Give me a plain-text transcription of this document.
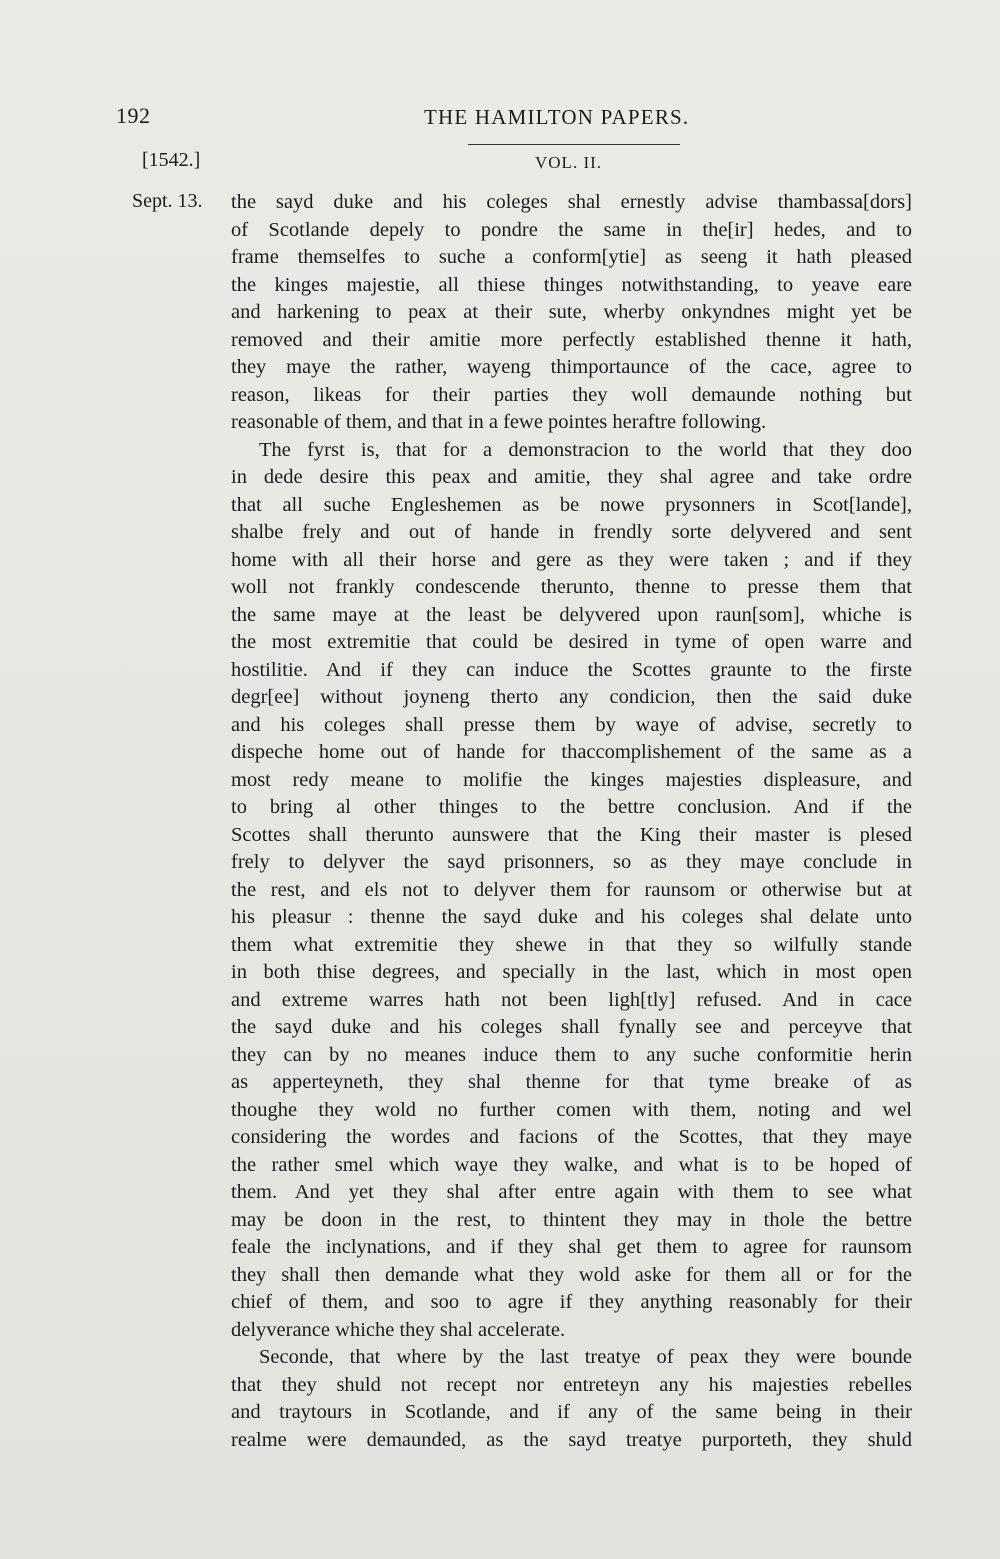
192	THE HAMILTON PAPERS.
[1542.]	VOL. II.
Sept. 13. the sayd duke and his coleges shal ernestly advise thambassa[dors]
of Scotlande depely to pondre the same in the[ir] hedes, and to
frame themselfes to suche a conform[ytie] as seeng it hath pleased
the kinges majestie, all thiese thinges notwithstanding, to yeave eare
and harkening to peax at their sute, wherby onkyndnes might yet be
removed and their amitie more perfectly established thenne it hath,
they maye the rather, wayeng thimportaunce of the cace, agree to
reason, likeas for their parties they woll demaunde nothing but
reasonable of them, and that in a fewe pointes heraftre following.
The fyrst is, that for a demonstracion to the world that they doo
in dede desire this peax and amitie, they shal agree and take ordre
that all suche Engleshemen as be nowe prysonners in Scot[lande],
shalbe frely and out of hande in frendly sorte delyvered and sent
home with all their horse and gere as they were taken ; and if they
woll not frankly condescende therunto, thenne to presse them that
the same maye at the least be delyvered upon raun[som], whiche is
the most extremitie that could be desired in tyme of open warre and
hostilitie. And if they can induce the Scottes graunte to the firste
degr[ee] without joyneng therto any condicion, then the said duke
and his coleges shall presse them by waye of advise, secretly to
dispeche home out of hande for thaccomplishement of the same as a
most redy meane to molifie the kinges majesties displeasure, and
to bring al other thinges to the bettre conclusion. And if the
Scottes shall therunto aunswere that the King their master is plesed
frely to delyver the sayd prisonners, so as they maye conclude in
the rest, and els not to delyver them for raunsom or otherwise but at
his pleasur : thenne the sayd duke and his coleges shal delate unto
them what extremitie they shewe in that they so wilfully stande
in both thise degrees, and specially in the last, which in most open
and extreme warres hath not been ligh[tly] refused. And in cace
the sayd duke and his coleges shall fynally see and perceyve that
they can by no meanes induce them to any suche conformitie herin
as apperteyneth, they shal thenne for that tyme breake of as
thoughe they wold no further comen with them, noting and wel
considering the wordes and facions of the Scottes, that they maye
the rather smel which waye they walke, and what is to be hoped of
them. And yet they shal after entre again with them to see what
may be doon in the rest, to thintent they may in thole the bettre
feale the inclynations, and if they shal get them to agree for raunsom
they shall then demande what they wold aske for them all or for the
chief of them, and soo to agre if they anything reasonably for their
delyverance whiche they shal accelerate.
Seconde, that where by the last treatye of peax they were bounde
that they shuld not recept nor entreteyn any his majesties rebelles
and traytours in Scotlande, and if any of the same being in their
realme were demaunded, as the sayd treatye purporteth, they shuld
